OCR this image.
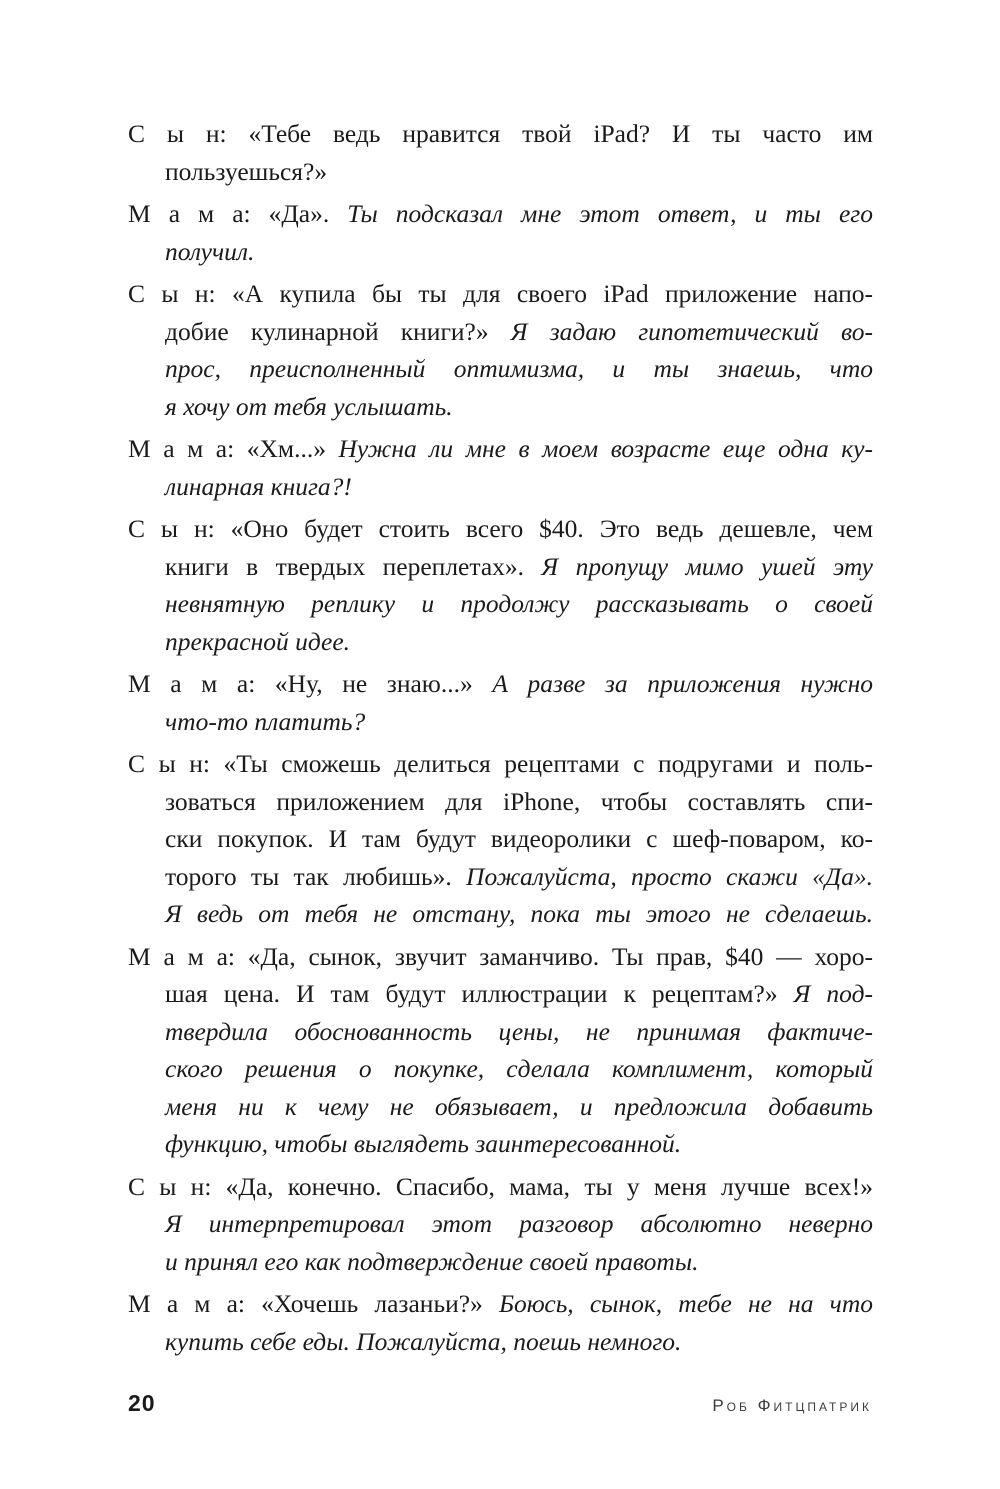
С ы н: «Тебе ведь нравится твой iPad? И ты часто им
пользуешься?»
М а м а: «Да». Ты подсказал мне этот ответ, и ты его
получил.
С ы н: «А купила бы ты для своего iPad приложение напо-
добие кулинарной книги?» Я задаю гипотетический во-
прос, преисполненный оптимизма, и ты знаешь, что
я хочу от тебя услышать.
М а м а: «Хм...» Нужна ли мне в моем возрасте еще одна ку-
линарная книга?!
С ы н: «Оно будет стоить всего $40. Это ведь дешевле, чем
книги в твердых переплетах». Я пропущу мимо ушей эту
невнятную реплику и продолжу рассказывать о своей
прекрасной идее.
М а м а: «Ну, не знаю...» А разве за приложения нужно
что-то платить?
С ы н: «Ты сможешь делиться рецептами с подругами и поль-
зоваться приложением для iPhone, чтобы составлять спи-
ски покупок. И там будут видеоролики с шеф-поваром, ко-
торого ты так любишь». Пожалуйста, просто скажи «Да».
Я ведь от тебя не отстану, пока ты этого не сделаешь.
М а м а: «Да, сынок, звучит заманчиво. Ты прав, $40 — хоро-
шая цена. И там будут иллюстрации к рецептам?» Я под-
твердила обоснованность цены, не принимая фактиче-
ского решения о покупке, сделала комплимент, который
меня ни к чему не обязывает, и предложила добавить
функцию, чтобы выглядеть заинтересованной.
С ы н: «Да, конечно. Спасибо, мама, ты у меня лучше всех!»
Я интерпретировал этот разговор абсолютно неверно
и принял его как подтверждение своей правоты.
М а м а: «Хочешь лазаньи?» Боюсь, сынок, тебе не на что
купить себе еды. Пожалуйста, поешь немного.
20	Роб Фитцпатрик
